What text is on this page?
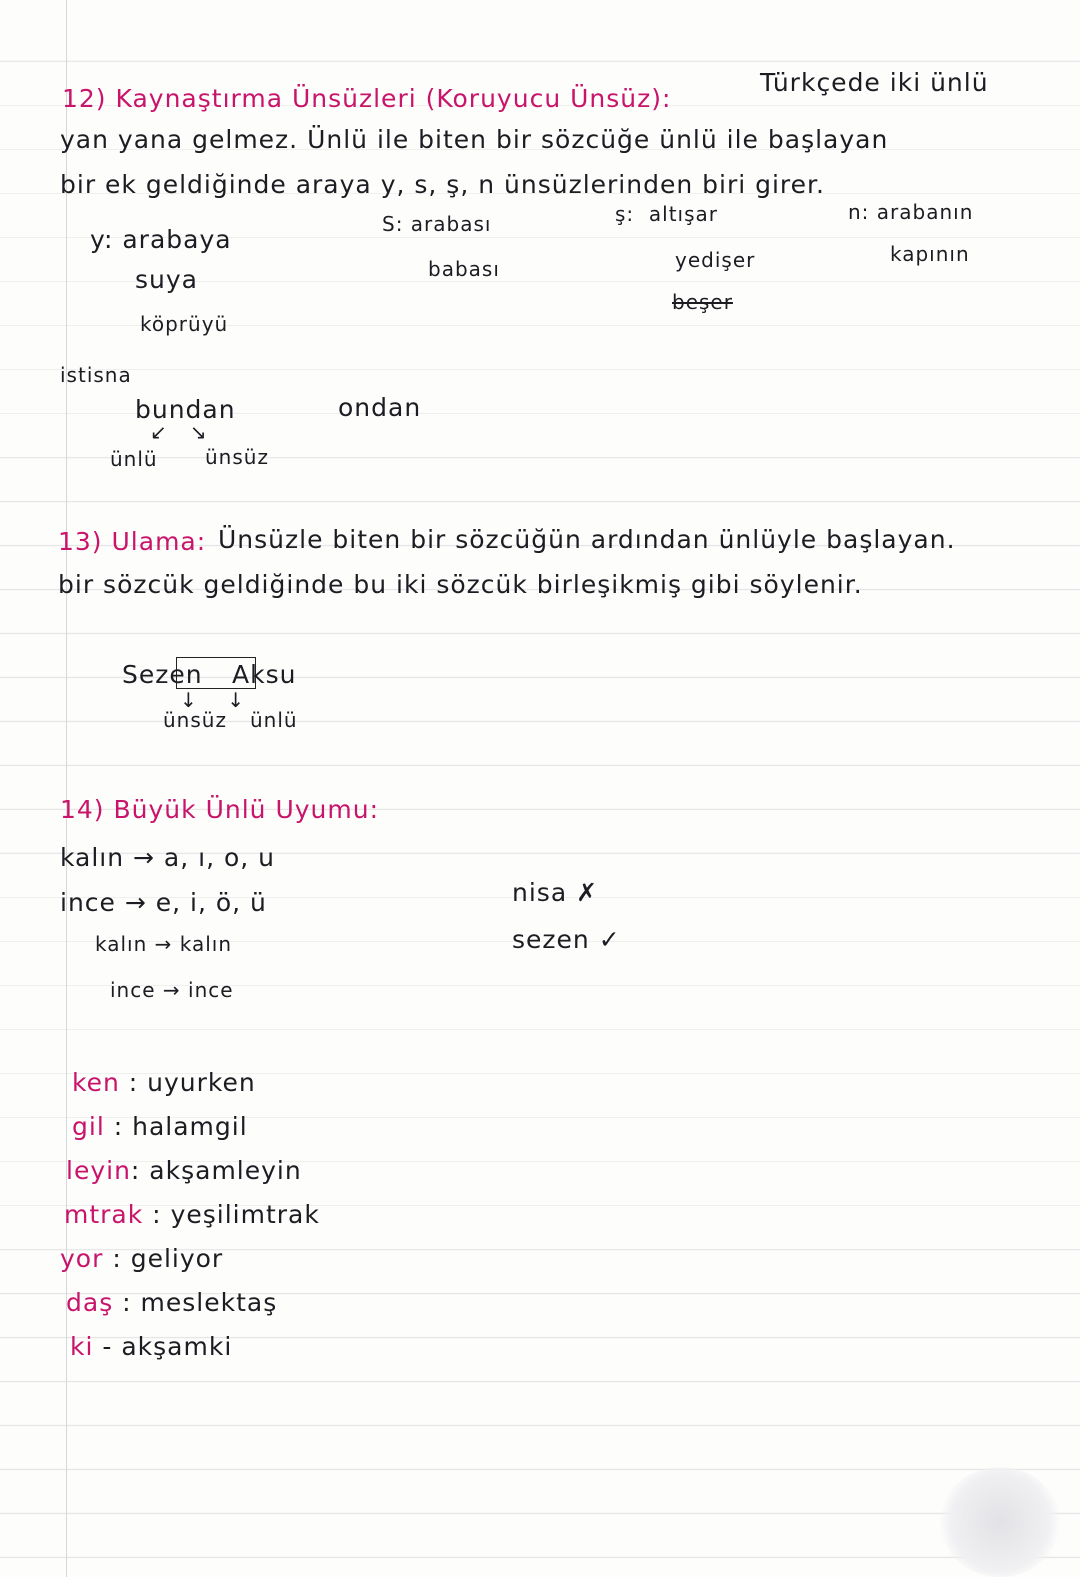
12) Kaynaştırma Ünsüzleri (Koruyucu Ünsüz):
Türkçede iki ünlü
yan yana gelmez. Ünlü ile biten bir sözcüğe ünlü ile başlayan
bir ek geldiğinde araya y, s, ş, n ünsüzlerinden biri girer.
y: arabaya
suya
köprüyü
S: arabası
babası
ş: altışar
yedişer
beşer
n: arabanın
kapının
istisna
bundan	ondan
↙   ↘
ünlü ünsüz
13) Ulama: Ünsüzle biten bir sözcüğün ardından ünlüyle başlayan.
bir sözcük geldiğinde bu iki sözcük birleşikmiş gibi söylenir.
Sezen Aksu
↓    ↓
ünsüz ünlü
14) Büyük Ünlü Uyumu:
kalın → a, ı, o, u
ince → e, i, ö, ü
kalın → kalın
ince → ince
nisa ✗
sezen ✓
ken : uyurken
gil : halamgil
leyin: akşamleyin
mtrak : yeşilimtrak
yor : geliyor
daş : meslektaş
ki - akşamki
